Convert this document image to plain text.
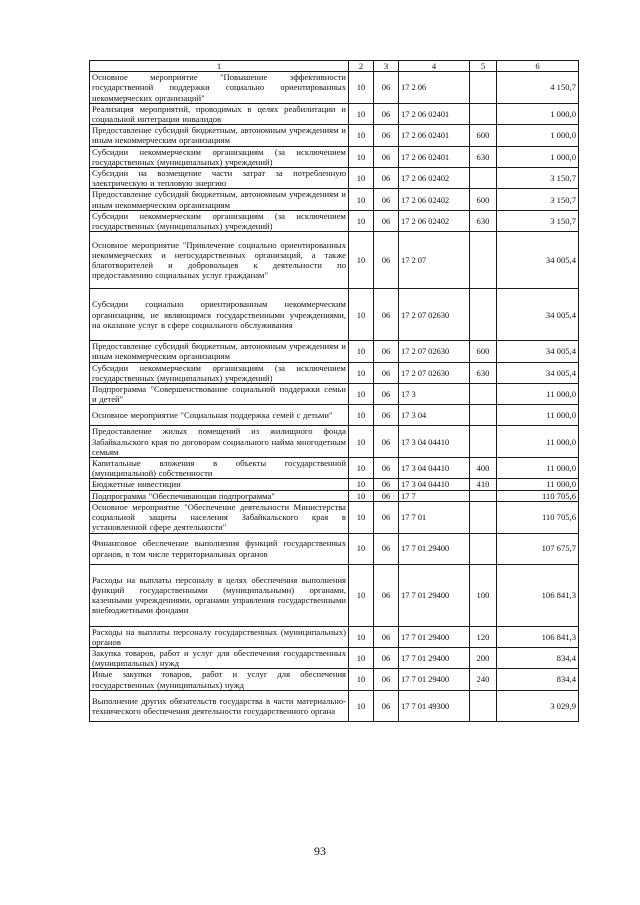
1	2	3	4	5	6
Основное мероприятие "Повышение эффективности государственной поддержки социально ориентированных некоммерческих организаций"	10	06	17 2 06		4 150,7
Реализация мероприятий, проводимых в целях реабилитации и социальной интеграции инвалидов	10	06	17 2 06 02401		1 000,0
Предоставление субсидий бюджетным, автономным учреждениям и иным некоммерческим организациям	10	06	17 2 06 02401	600	1 000,0
Субсидии некоммерческим организациям (за исключением государственных (муниципальных) учреждений)	10	06	17 2 06 02401	630	1 000,0
Субсидии на возмещение части затрат за потребленную электрическую и тепловую энергию	10	06	17 2 06 02402		3 150,7
Предоставление субсидий бюджетным, автономным учреждениям и иным некоммерческим организациям	10	06	17 2 06 02402	600	3 150,7
Субсидии некоммерческим организациям (за исключением государственных (муниципальных) учреждений)	10	06	17 2 06 02402	630	3 150,7
Основное мероприятие "Привлечение социально ориентированных некоммерческих и негосударственных организаций, а также благотворителей и добровольцев к деятельности по предоставлению социальных услуг гражданам"	10	06	17 2 07		34 005,4
Субсидии социально ориентированным некоммерческим организациям, не являющимся государственными учреждениями, на оказание услуг в сфере социального обслуживания	10	06	17 2 07 02630		34 005,4
Предоставление субсидий бюджетным, автономным учреждениям и иным некоммерческим организациям	10	06	17 2 07 02630	600	34 005,4
Субсидии некоммерческим организациям (за исключением государственных (муниципальных) учреждений)	10	06	17 2 07 02630	630	34 005,4
Подпрограмма "Совершенствование социальной поддержки семьи и детей"	10	06	17 3		11 000,0
Основное мероприятие "Социальная поддержка семей с детьми"	10	06	17 3 04		11 000,0
Предоставление жилых помещений из жилищного фонда Забайкальского края по договорам социального найма многодетным семьям	10	06	17 3 04 04410		11 000,0
Капитальные вложения в объекты государственной (муниципальной) собственности	10	06	17 3 04 04410	400	11 000,0
Бюджетные инвестиции	10	06	17 3 04 04410	410	11 000,0
Подпрограмма "Обеспечивающая подпрограмма"	10	06	17 7		110 705,6
Основное мероприятие "Обеспечение деятельности Министерства социальной защиты населения Забайкальского края в установленной сфере деятельности"	10	06	17 7 01		110 705,6
Финансовое обеспечение выполнения функций государственных органов, в том числе территориальных органов	10	06	17 7 01 29400		107 675,7
Расходы на выплаты персоналу в целях обеспечения выполнения функций государственными (муниципальными) органами, казенными учреждениями, органами управления государственными внебюджетными фондами	10	06	17 7 01 29400	100	106 841,3
Расходы на выплаты персоналу государственных (муниципальных) органов	10	06	17 7 01 29400	120	106 841,3
Закупка товаров, работ и услуг для обеспечения государственных (муниципальных) нужд	10	06	17 7 01 29400	200	834,4
Иные закупки товаров, работ и услуг для обеспечения государственных (муниципальных) нужд	10	06	17 7 01 29400	240	834,4
Выполнение других обязательств государства в части материально-технического обеспечения деятельности государственного органа	10	06	17 7 01 49300		3 029,9
93
